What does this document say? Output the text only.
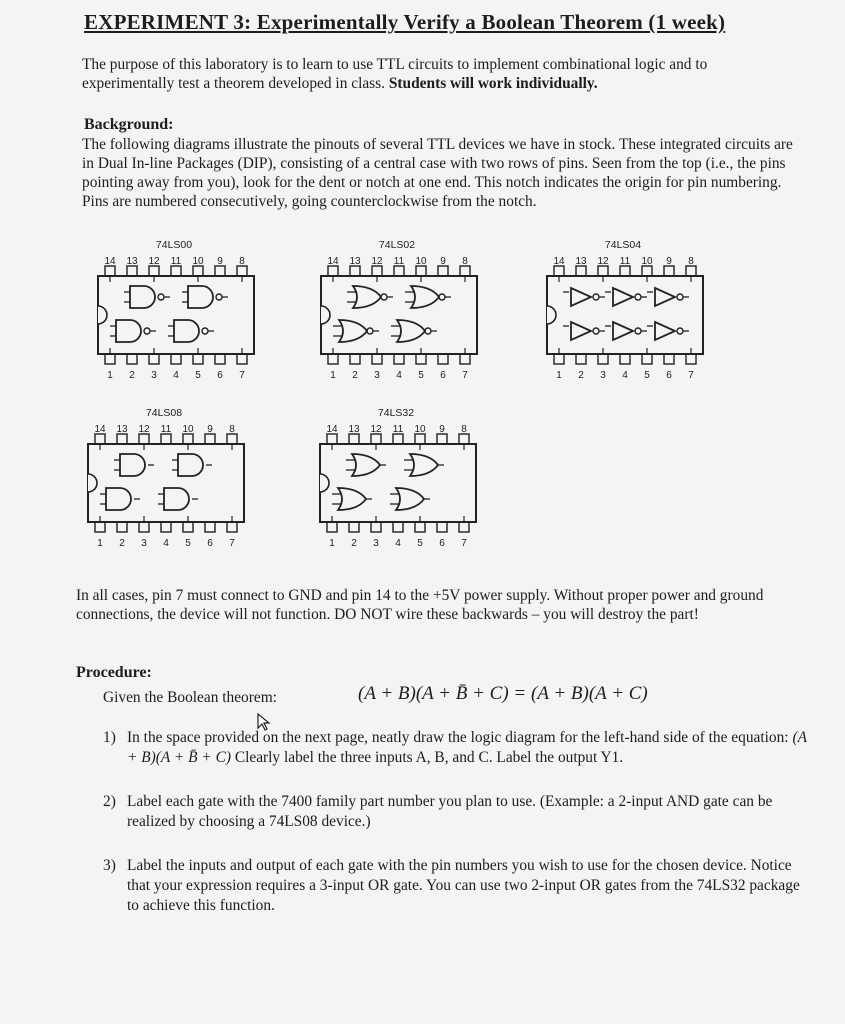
EXPERIMENT 3: Experimentally Verify a Boolean Theorem (1 week)
The purpose of this laboratory is to learn to use TTL circuits to implement combinational logic and to experimentally test a theorem developed in class. Students will work individually.
Background:
The following diagrams illustrate the pinouts of several TTL devices we have in stock. These integrated circuits are in Dual In-line Packages (DIP), consisting of a central case with two rows of pins. Seen from the top (i.e., the pins pointing away from you), look for the dent or notch at one end. This notch indicates the origin for pin numbering. Pins are numbered consecutively, going counterclockwise from the notch.
74LS00
14 13 12 11 10 9 8
1 2 3 4 5 6 7
74LS02
14 13 12 11 10 9 8
1 2 3 4 5 6 7
74LS04
14 13 12 11 10 9 8
1 2 3 4 5 6 7
74LS08
14 13 12 11 10 9 8
1 2 3 4 5 6 7
74LS32
14 13 12 11 10 9 8
1 2 3 4 5 6 7
In all cases, pin 7 must connect to GND and pin 14 to the +5V power supply. Without proper power and ground connections, the device will not function. DO NOT wire these backwards – you will destroy the part!
Procedure:
Given the Boolean theorem:	(A + B)(A + B̄ + C) = (A + B)(A + C)
1) In the space provided on the next page, neatly draw the logic diagram for the left-hand side of the equation: (A + B)(A + B̄ + C) Clearly label the three inputs A, B, and C. Label the output Y1.
2) Label each gate with the 7400 family part number you plan to use. (Example: a 2-input AND gate can be realized by choosing a 74LS08 device.)
3) Label the inputs and output of each gate with the pin numbers you wish to use for the chosen device. Notice that your expression requires a 3-input OR gate. You can use two 2-input OR gates from the 74LS32 package to achieve this function.
